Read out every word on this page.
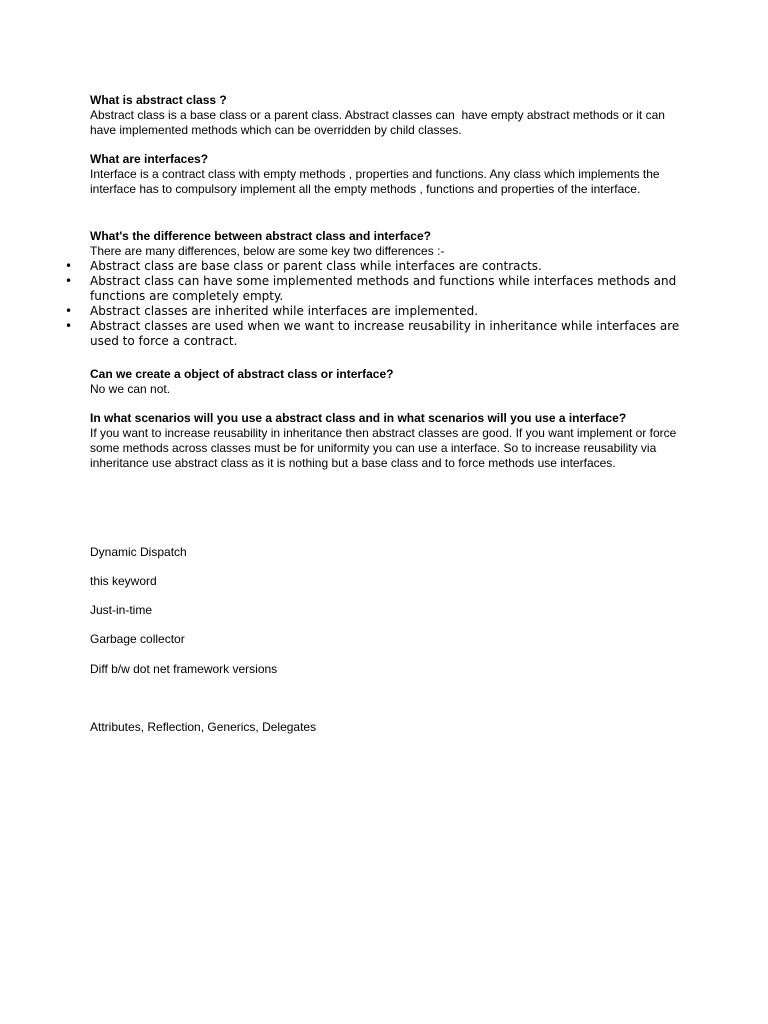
What is abstract class ?
Abstract class is a base class or a parent class. Abstract classes can  have empty abstract methods or it can have implemented methods which can be overridden by child classes.
What are interfaces?
Interface is a contract class with empty methods , properties and functions. Any class which implements the interface has to compulsory implement all the empty methods , functions and properties of the interface.
What's the difference between abstract class and interface?
There are many differences, below are some key two differences :-
• Abstract class are base class or parent class while interfaces are contracts.
• Abstract class can have some implemented methods and functions while interfaces methods and functions are completely empty.
• Abstract classes are inherited while interfaces are implemented.
• Abstract classes are used when we want to increase reusability in inheritance while interfaces are used to force a contract.
Can we create a object of abstract class or interface?
No we can not.
In what scenarios will you use a abstract class and in what scenarios will you use a interface?
If you want to increase reusability in inheritance then abstract classes are good. If you want implement or force some methods across classes must be for uniformity you can use a interface. So to increase reusability via inheritance use abstract class as it is nothing but a base class and to force methods use interfaces.
Dynamic Dispatch
this keyword
Just-in-time
Garbage collector
Diff b/w dot net framework versions
Attributes, Reflection, Generics, Delegates
